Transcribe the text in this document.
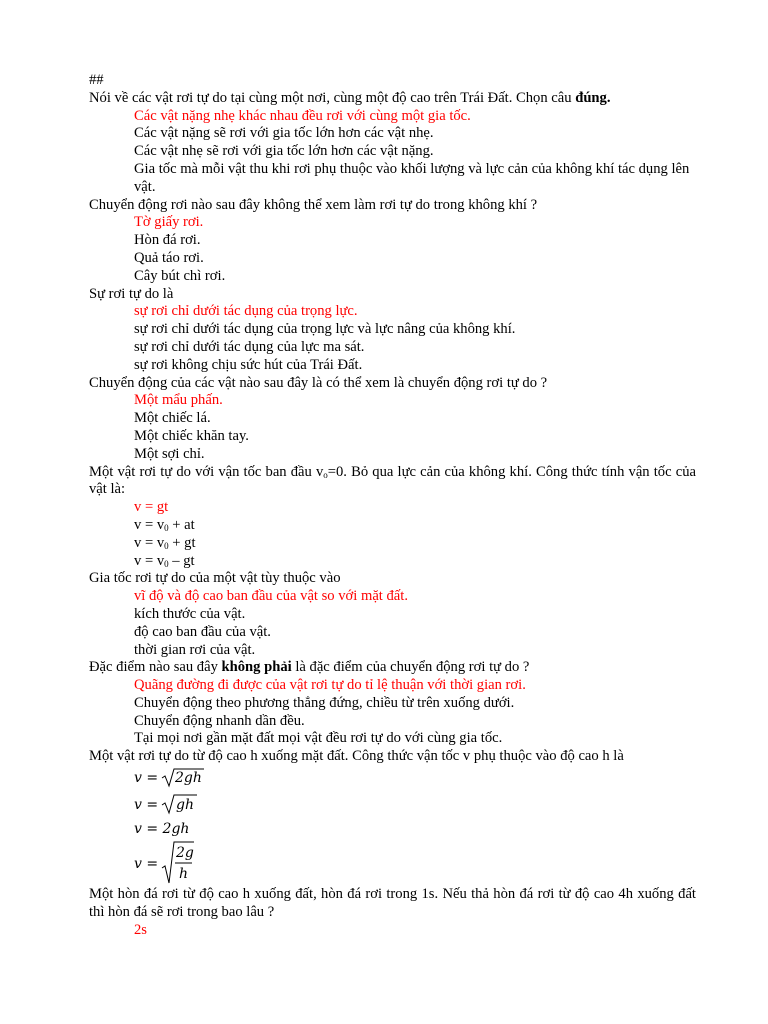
##
Nói về các vật rơi tự do tại cùng một nơi, cùng một độ cao trên Trái Đất. Chọn câu đúng.
Các vật nặng nhẹ khác nhau đều rơi với cùng một gia tốc.
Các vật nặng sẽ rơi với gia tốc lớn hơn các vật nhẹ.
Các vật nhẹ sẽ rơi với gia tốc lớn hơn các vật nặng.
Gia tốc mà mỗi vật thu khi rơi phụ thuộc vào khối lượng và lực cản của không khí tác dụng lên vật.
Chuyển động rơi nào sau đây không thể xem làm rơi tự do trong không khí ?
Tờ giấy rơi.
Hòn đá rơi.
Quả táo rơi.
Cây bút chì rơi.
Sự rơi tự do là
sự rơi chỉ dưới tác dụng của trọng lực.
sự rơi chỉ dưới tác dụng của trọng lực và lực nâng của không khí.
sự rơi chỉ dưới tác dụng của lực ma sát.
sự rơi không chịu sức hút của Trái Đất.
Chuyển động của các vật nào sau đây là có thể xem là chuyển động rơi tự do ?
Một mẩu phấn.
Một chiếc lá.
Một chiếc khăn tay.
Một sợi chỉ.
Một vật rơi tự do với vận tốc ban đầu $v_o=0$. Bỏ qua lực cản của không khí. Công thức tính vận tốc của vật là:
v = gt
$v = v_0$ + at
$v = v_0$ + gt
$v = v_0$ – gt
Gia tốc rơi tự do của một vật tùy thuộc vào
vĩ độ và độ cao ban đầu của vật so với mặt đất.
kích thước của vật.
độ cao ban đầu của vật.
thời gian rơi của vật.
Đặc điểm nào sau đây không phải là đặc điểm của chuyển động rơi tự do ?
Quãng đường đi được của vật rơi tự do tỉ lệ thuận với thời gian rơi.
Chuyển động theo phương thẳng đứng, chiều từ trên xuống dưới.
Chuyển động nhanh dần đều.
Tại mọi nơi gần mặt đất mọi vật đều rơi tự do với cùng gia tốc.
Một vật rơi tự do từ độ cao h xuống mặt đất. Công thức vận tốc v phụ thuộc vào độ cao h là
v = 2gh
v = gh
v = 2gh
v =
2g
h
Một hòn đá rơi từ độ cao h xuống đất, hòn đá rơi trong 1s. Nếu thả hòn đá rơi từ độ cao 4h xuống đất thì hòn đá sẽ rơi trong bao lâu ?
2s
